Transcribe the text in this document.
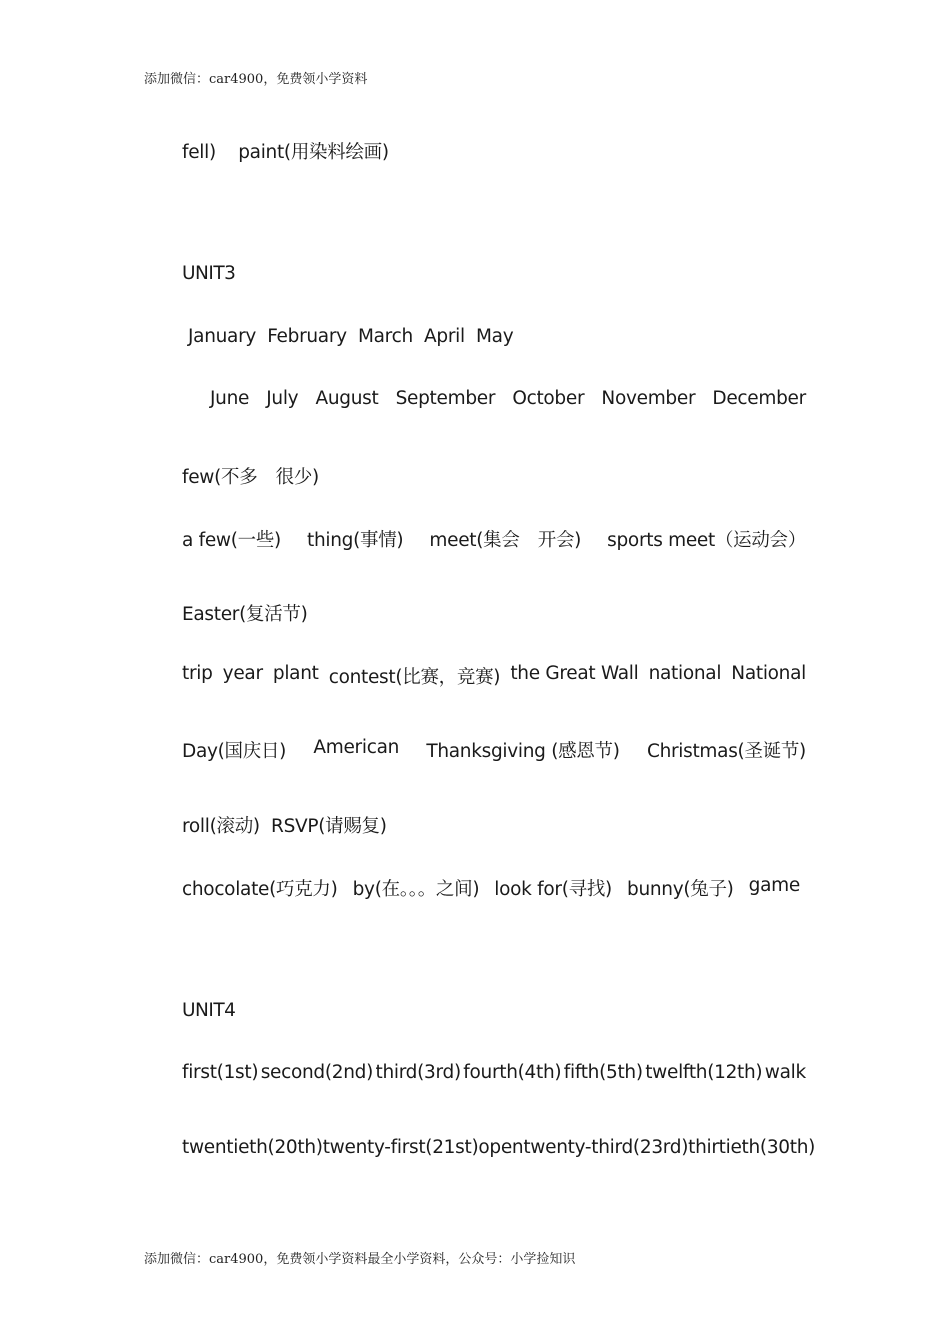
添加微信：car4900，免费领小学资料
fell) paint(用染料绘画)
UNIT3
January February March April May
June July August September October November December
few(不多　很少)
a few(一些) thing(事情) meet(集会　开会) sports meet（运动会）
Easter(复活节)
trip year plant contest(比赛，竞赛) the Great Wall national National
Day(国庆日) American Thanksgiving (感恩节) Christmas(圣诞节)
roll(滚动) RSVP(请赐复)
chocolate(巧克力) by(在。。。之间) look for(寻找) bunny(兔子) game
UNIT4
first(1st) second(2nd) third(3rd) fourth(4th) fifth(5th) twelfth(12th) walk
twentieth(20th) twenty-first(21st) open twenty-third(23rd) thirtieth(30th)
添加微信：car4900，免费领小学资料最全小学资料，公众号：小学捡知识
